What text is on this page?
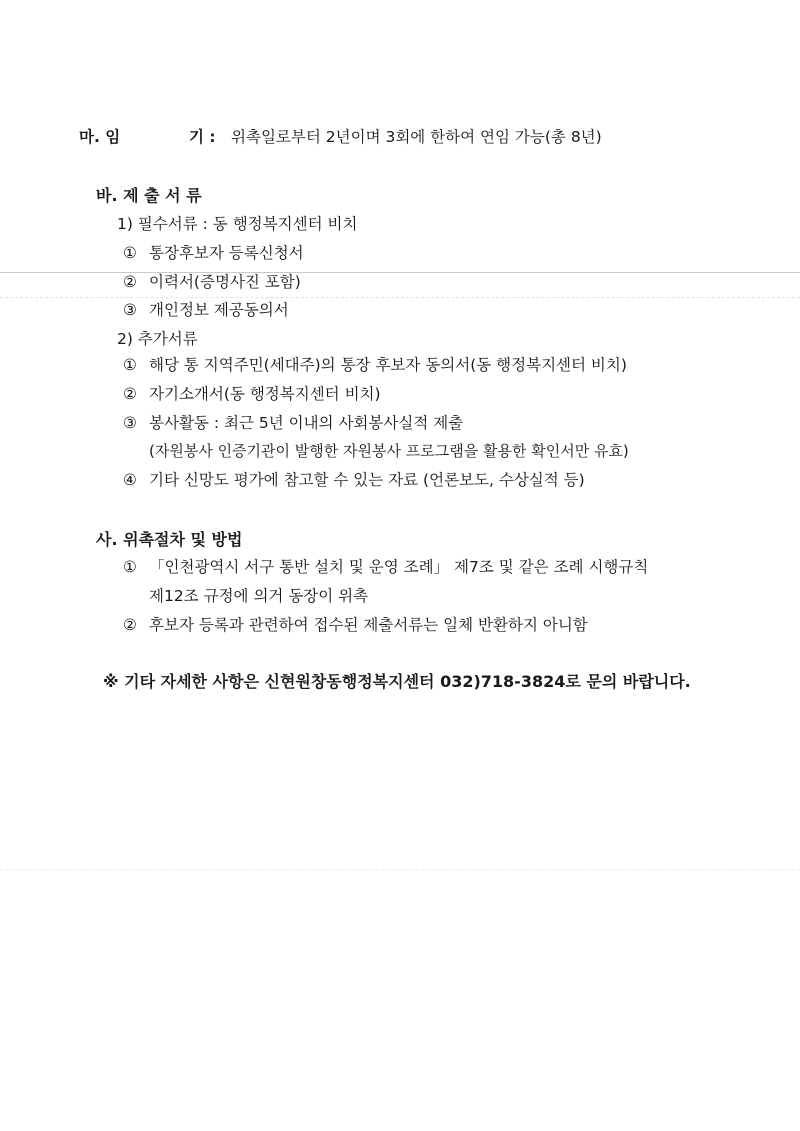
마. 임	기 : 위촉일로부터 2년이며 3회에 한하여 연임 가능(총 8년)
바. 제 출 서 류
1) 필수서류 : 동 행정복지센터 비치
① 통장후보자 등록신청서
② 이력서(증명사진 포함)
③ 개인정보 제공동의서
2) 추가서류
① 해당 통 지역주민(세대주)의 통장 후보자 동의서(동 행정복지센터 비치)
② 자기소개서(동 행정복지센터 비치)
③ 봉사활동 : 최근 5년 이내의 사회봉사실적 제출
(자원봉사 인증기관이 발행한 자원봉사 프로그램을 활용한 확인서만 유효)
④ 기타 신망도 평가에 참고할 수 있는 자료 (언론보도, 수상실적 등)
사. 위촉절차 및 방법
① 「인천광역시 서구 통반 설치 및 운영 조례」 제7조 및 같은 조례 시행규칙
제12조 규정에 의거 동장이 위촉
② 후보자 등록과 관련하여 접수된 제출서류는 일체 반환하지 아니함
※ 기타 자세한 사항은 신현원창동행정복지센터 032)718-3824로 문의 바랍니다.
